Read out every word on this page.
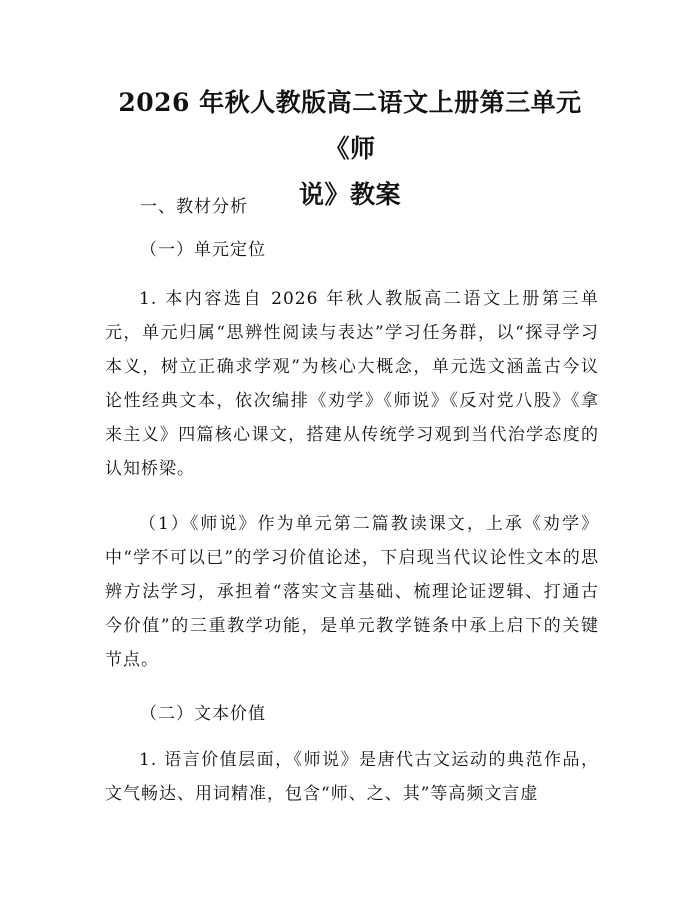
2026 年秋人教版高二语文上册第三单元《师
说》教案
一、教材分析
（一）单元定位

1. 本内容选自 2026 年秋人教版高二语文上册第三单元，单元归属“思辨性阅读与表达”学习任务群，以“探寻学习本义，树立正确求学观”为核心大概念，单元选文涵盖古今议论性经典文本，依次编排《劝学》《师说》《反对党八股》《拿来主义》四篇核心课文，搭建从传统学习观到当代治学态度的认知桥梁。

（1）《师说》作为单元第二篇教读课文，上承《劝学》中“学不可以已”的学习价值论述，下启现当代议论性文本的思辨方法学习，承担着“落实文言基础、梳理论证逻辑、打通古今价值”的三重教学功能，是单元教学链条中承上启下的关键节点。

（二）文本价值

1. 语言价值层面，《师说》是唐代古文运动的典范作品，文气畅达、用词精准，包含“师、之、其”等高频文言虚
